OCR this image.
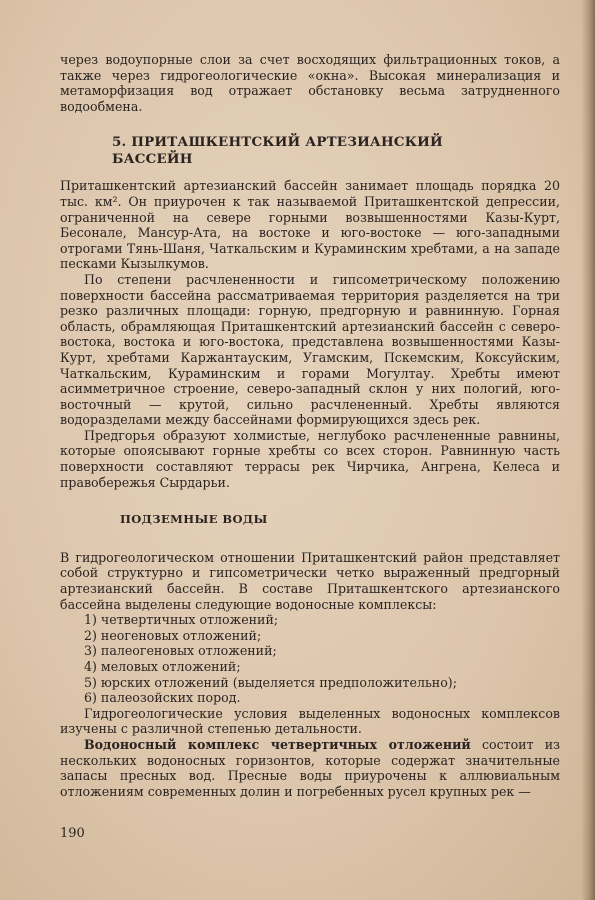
через водоупорные слои за счет восходящих фильтрационных токов, а также через гидрогеологические «окна». Высокая минерализация и метаморфизация вод отражает обстановку весьма затрудненного водообмена.

5. ПРИТАШКЕНТСКИЙ АРТЕЗИАНСКИЙ
БАССЕЙН

Приташкентский артезианский бассейн занимает площадь порядка 20 тыс. км². Он приурочен к так называемой Приташкентской депрессии, ограниченной на севере горными возвышенностями Казы-Курт, Бесонале, Мансур-Ата, на востоке и юго-востоке — юго-западными отрогами Тянь-Шаня, Чаткальским и Кураминским хребтами, а на западе песками Кызылкумов.

По степени расчлененности и гипсометрическому положению поверхности бассейна рассматриваемая территория разделяется на три резко различных площади: горную, предгорную и равнинную. Горная область, обрамляющая Приташкентский артезианский бассейн с северо-востока, востока и юго-востока, представлена возвышенностями Казы-Курт, хребтами Каржантауским, Угамским, Пскемским, Коксуйским, Чаткальским, Кураминским и горами Могултау. Хребты имеют асимметричное строение, северо-западный склон у них пологий, юго-восточный — крутой, сильно расчлененный. Хребты являются водоразделами между бассейнами формирующихся здесь рек.

Предгорья образуют холмистые, неглубоко расчлененные равнины, которые опоясывают горные хребты со всех сторон. Равнинную часть поверхности составляют террасы рек Чирчика, Ангрена, Келеса и правобережья Сырдарьи.

ПОДЗЕМНЫЕ ВОДЫ

В гидрогеологическом отношении Приташкентский район представляет собой структурно и гипсометрически четко выраженный предгорный артезианский бассейн. В составе Приташкентского артезианского бассейна выделены следующие водоносные комплексы:

1) четвертичных отложений;
2) неогеновых отложений;
3) палеогеновых отложений;
4) меловых отложений;
5) юрских отложений (выделяется предположительно);
6) палеозойских пород.

Гидрогеологические условия выделенных водоносных комплексов изучены с различной степенью детальности.

Водоносный комплекс четвертичных отложений состоит из нескольких водоносных горизонтов, которые содержат значительные запасы пресных вод. Пресные воды приурочены к аллювиальным отложениям современных долин и погребенных русел крупных рек —

190
